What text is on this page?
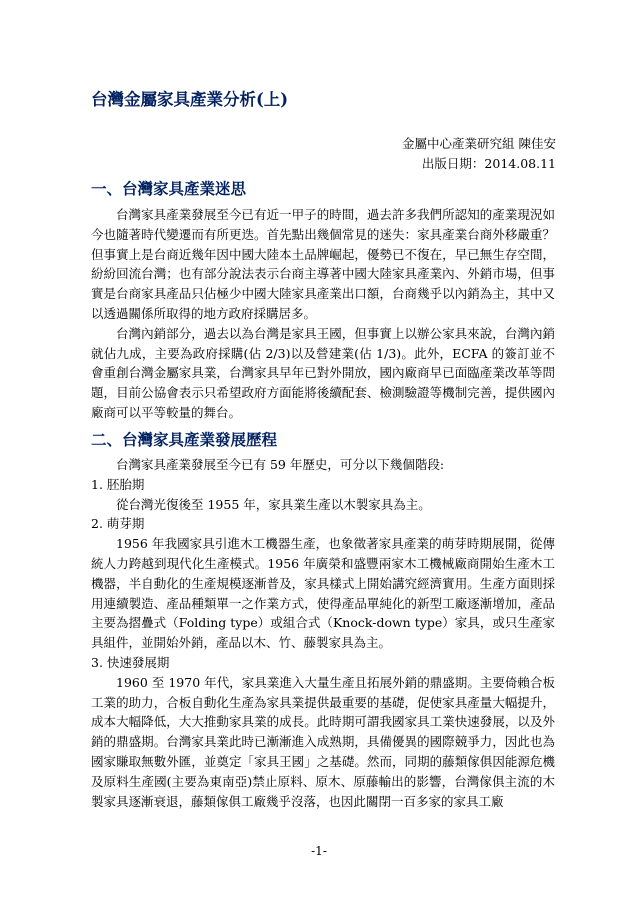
台灣金屬家具產業分析(上)
金屬中心產業研究組 陳佳安
出版日期：2014.08.11
一、台灣家具產業迷思

台灣家具產業發展至今已有近一甲子的時間，過去許多我們所認知的產業現況如今也隨著時代變遷而有所更迭。首先點出幾個常見的迷失：家具產業台商外移嚴重？但事實上是台商近幾年因中國大陸本土品牌崛起，優勢已不復在，早已無生存空間，紛紛回流台灣；也有部分說法表示台商主導著中國大陸家具產業內、外銷市場，但事實是台商家具產品只佔極少中國大陸家具產業出口額，台商幾乎以內銷為主，其中又以透過關係所取得的地方政府採購居多。

台灣內銷部分，過去以為台灣是家具王國，但事實上以辦公家具來說，台灣內銷就佔九成，主要為政府採購(佔 2/3)以及營建業(佔 1/3)。此外，ECFA 的簽訂並不會重創台灣金屬家具業，台灣家具早年已對外開放，國內廠商早已面臨產業改革等問題，目前公協會表示只希望政府方面能將後續配套、檢測驗證等機制完善，提供國內廠商可以平等較量的舞台。

二、台灣家具產業發展歷程

台灣家具產業發展至今已有 59 年歷史，可分以下幾個階段:

1. 胚胎期

從台灣光復後至 1955 年，家具業生產以木製家具為主。

2. 萌芽期

1956 年我國家具引進木工機器生產，也象徵著家具產業的萌芽時期展開，從傳統人力跨越到現代化生產模式。1956 年廣榮和盛豐兩家木工機械廠商開始生產木工機器，半自動化的生產規模逐漸普及，家具樣式上開始講究經濟實用。生產方面則採用連續製造、產品種類單一之作業方式，使得產品單純化的新型工廠逐漸增加，產品主要為摺疊式（Folding type）或組合式（Knock-down type）家具，或只生產家具組件，並開始外銷，產品以木、竹、藤製家具為主。

3. 快速發展期

1960 至 1970 年代，家具業進入大量生產且拓展外銷的鼎盛期。主要倚賴合板工業的助力，合板自動化生產為家具業提供最重要的基礎，促使家具產量大幅提升，成本大幅降低，大大推動家具業的成長。此時期可謂我國家具工業快速發展，以及外銷的鼎盛期。台灣家具業此時已漸漸進入成熟期，具備優異的國際競爭力，因此也為國家賺取無數外匯，並奠定「家具王國」之基礎。然而，同期的藤類傢俱因能源危機及原料生產國(主要為東南亞)禁止原料、原木、原藤輸出的影響，台灣傢俱主流的木製家具逐漸衰退，藤類傢俱工廠幾乎沒落，也因此關閉一百多家的家具工廠

-1-
